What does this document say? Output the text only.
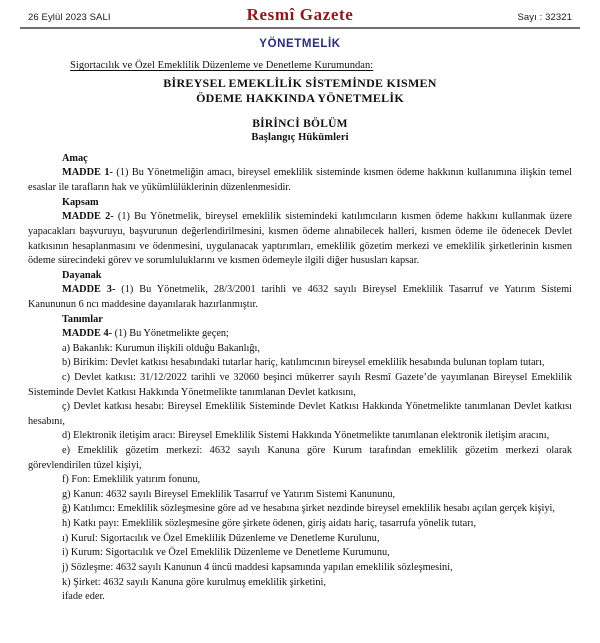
26 Eylül 2023 SALI	Resmî Gazete	Sayı : 32321
YÖNETMELİK
Sigortacılık ve Özel Emeklilik Düzenleme ve Denetleme Kurumundan:
BİREYSEL EMEKLİLİK SİSTEMİNDE KISMEN
ÖDEME HAKKINDA YÖNETMELİK
BİRİNCİ BÖLÜM
Başlangıç Hükümleri

Amaç

MADDE 1- (1) Bu Yönetmeliğin amacı, bireysel emeklilik sisteminde kısmen ödeme hakkının kullanımına ilişkin temel esaslar ile tarafların hak ve yükümlülüklerinin düzenlenmesidir.

Kapsam

MADDE 2- (1) Bu Yönetmelik, bireysel emeklilik sistemindeki katılımcıların kısmen ödeme hakkını kullanmak üzere yapacakları başvuruyu, başvurunun değerlendirilmesini, kısmen ödeme alınabilecek halleri, kısmen ödeme ile ödenecek Devlet katkısının hesaplanmasını ve ödenmesini, uygulanacak yaptırımları, emeklilik gözetim merkezi ve emeklilik şirketlerinin kısmen ödeme sürecindeki görev ve sorumluluklarını ve kısmen ödemeyle ilgili diğer hususları kapsar.

Dayanak

MADDE 3- (1) Bu Yönetmelik, 28/3/2001 tarihli ve 4632 sayılı Bireysel Emeklilik Tasarruf ve Yatırım Sistemi Kanununun 6 ncı maddesine dayanılarak hazırlanmıştır.

Tanımlar

MADDE 4- (1) Bu Yönetmelikte geçen;

a) Bakanlık: Kurumun ilişkili olduğu Bakanlığı,

b) Birikim: Devlet katkısı hesabındaki tutarlar hariç, katılımcının bireysel emeklilik hesabında bulunan toplam tutarı,

c) Devlet katkısı: 31/12/2022 tarihli ve 32060 beşinci mükerrer sayılı Resmî Gazete’de yayımlanan Bireysel Emeklilik Sisteminde Devlet Katkısı Hakkında Yönetmelikte tanımlanan Devlet katkısını,

ç) Devlet katkısı hesabı: Bireysel Emeklilik Sisteminde Devlet Katkısı Hakkında Yönetmelikte tanımlanan Devlet katkısı hesabını,

d) Elektronik iletişim aracı: Bireysel Emeklilik Sistemi Hakkında Yönetmelikte tanımlanan elektronik iletişim aracını,

e) Emeklilik gözetim merkezi: 4632 sayılı Kanuna göre Kurum tarafından emeklilik gözetim merkezi olarak görevlendirilen tüzel kişiyi,

f) Fon: Emeklilik yatırım fonunu,

g) Kanun: 4632 sayılı Bireysel Emeklilik Tasarruf ve Yatırım Sistemi Kanununu,

ğ) Katılımcı: Emeklilik sözleşmesine göre ad ve hesabına şirket nezdinde bireysel emeklilik hesabı açılan gerçek kişiyi,

h) Katkı payı: Emeklilik sözleşmesine göre şirkete ödenen, giriş aidatı hariç, tasarrufa yönelik tutarı,

ı) Kurul: Sigortacılık ve Özel Emeklilik Düzenleme ve Denetleme Kurulunu,

i) Kurum: Sigortacılık ve Özel Emeklilik Düzenleme ve Denetleme Kurumunu,

j) Sözleşme: 4632 sayılı Kanunun 4 üncü maddesi kapsamında yapılan emeklilik sözleşmesini,

k) Şirket: 4632 sayılı Kanuna göre kurulmuş emeklilik şirketini,

ifade eder.
